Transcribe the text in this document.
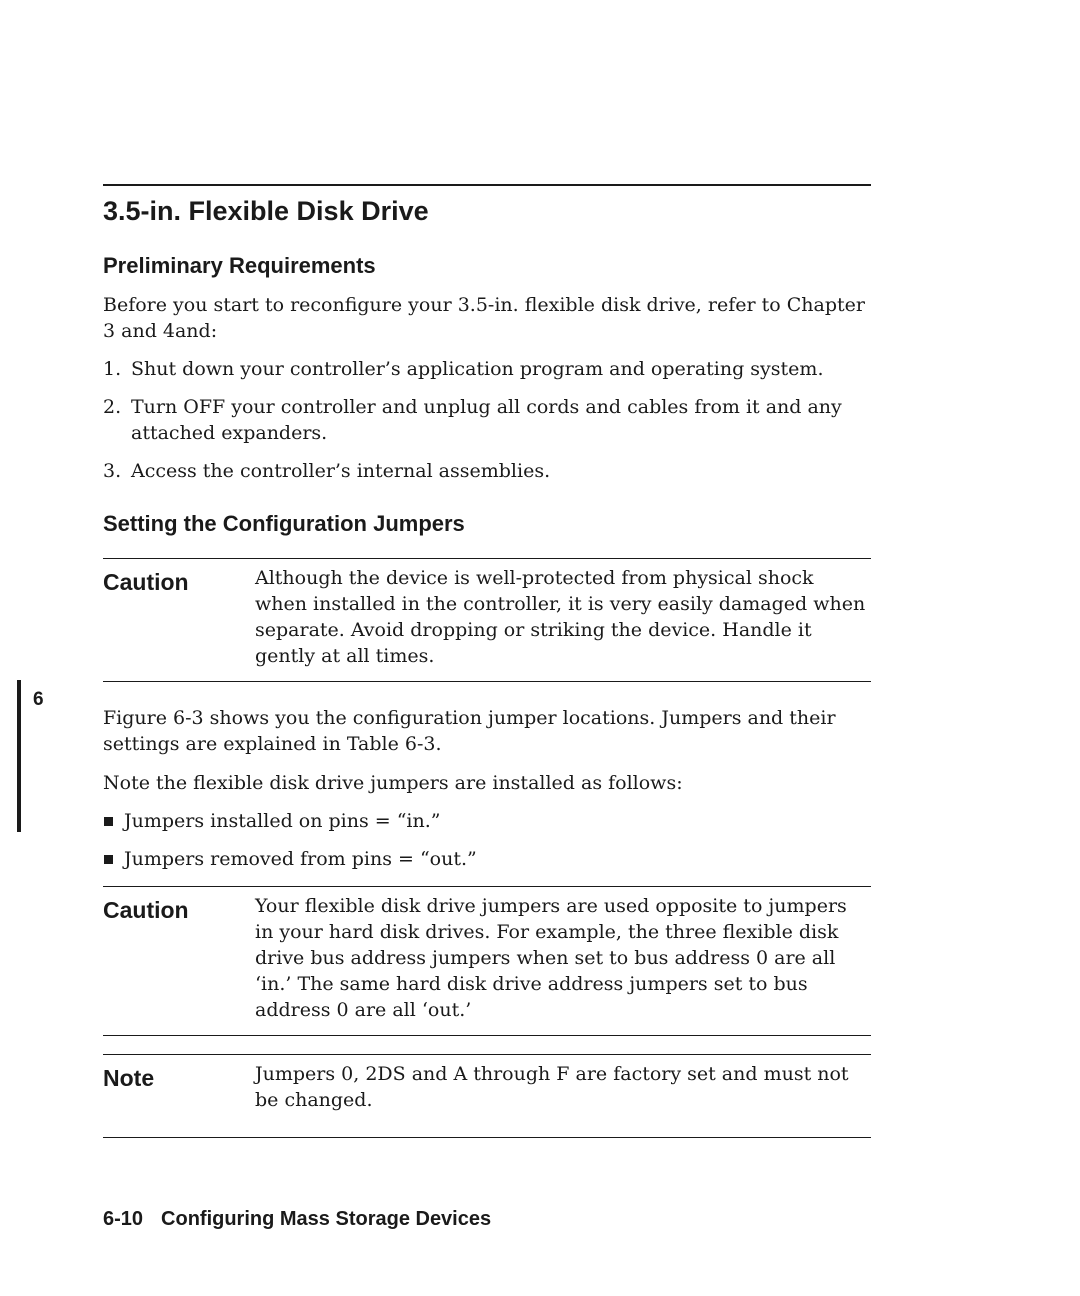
6
3.5-in. Flexible Disk Drive
Preliminary Requirements

Before you start to reconfigure your 3.5-in. flexible disk drive, refer to Chapter 3 and 4and:

1. Shut down your controller’s application program and operating system.
2. Turn OFF your controller and unplug all cords and cables from it and any attached expanders.
3. Access the controller’s internal assemblies.
Setting the Configuration Jumpers
Caution	Although the device is well-protected from physical shock when installed in the controller, it is very easily damaged when separate. Avoid dropping or striking the device. Handle it gently at all times.

Figure 6-3 shows you the configuration jumper locations. Jumpers and their settings are explained in Table 6-3.

Note the flexible disk drive jumpers are installed as follows:

Jumpers installed on pins = “in.”
Jumpers removed from pins = “out.”
Caution	Your flexible disk drive jumpers are used opposite to jumpers in your hard disk drives. For example, the three flexible disk drive bus address jumpers when set to bus address 0 are all ‘in.’ The same hard disk drive address jumpers set to bus address 0 are all ‘out.’
Note	Jumpers 0, 2DS and A through F are factory set and must not be changed.
6-10 Configuring Mass Storage Devices
